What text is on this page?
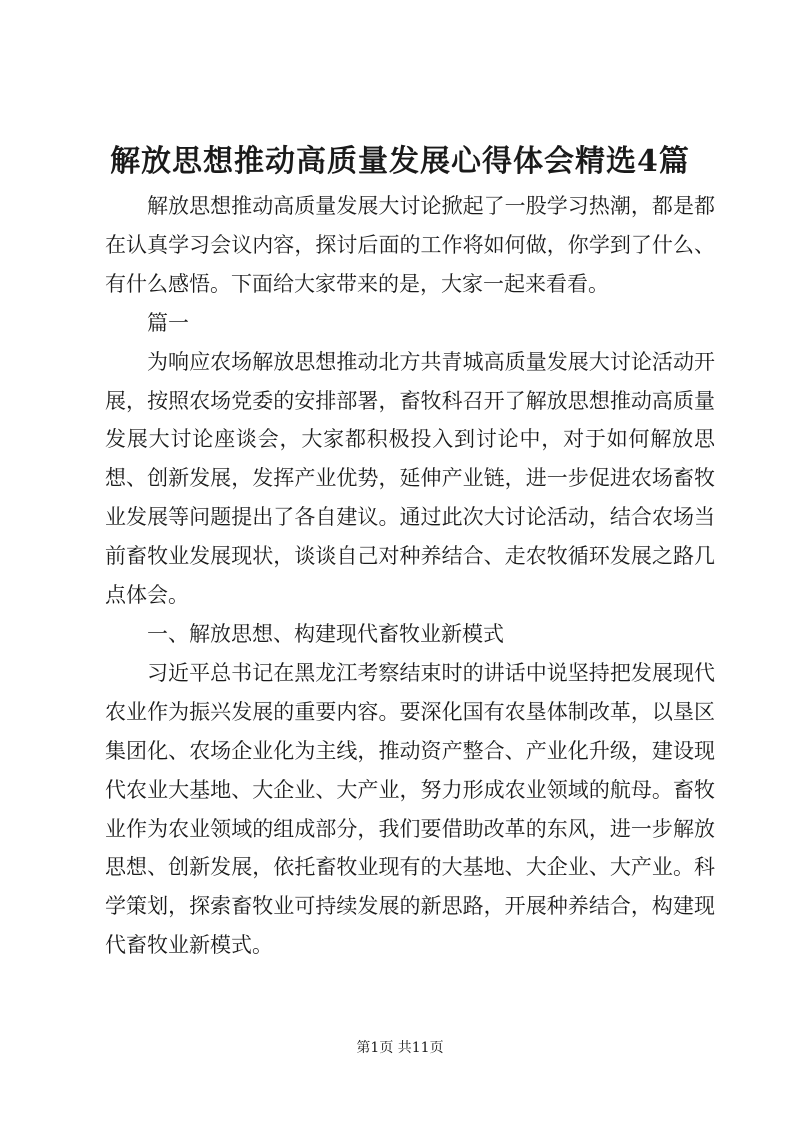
解放思想推动高质量发展心得体会精选4篇

解放思想推动高质量发展大讨论掀起了一股学习热潮，都是都在认真学习会议内容，探讨后面的工作将如何做，你学到了什么、有什么感悟。下面给大家带来的是，大家一起来看看。

篇一

为响应农场解放思想推动北方共青城高质量发展大讨论活动开展，按照农场党委的安排部署，畜牧科召开了解放思想推动高质量发展大讨论座谈会，大家都积极投入到讨论中，对于如何解放思想、创新发展，发挥产业优势，延伸产业链，进一步促进农场畜牧业发展等问题提出了各自建议。通过此次大讨论活动，结合农场当前畜牧业发展现状，谈谈自己对种养结合、走农牧循环发展之路几点体会。

一、解放思想、构建现代畜牧业新模式

习近平总书记在黑龙江考察结束时的讲话中说坚持把发展现代农业作为振兴发展的重要内容。要深化国有农垦体制改革，以垦区集团化、农场企业化为主线，推动资产整合、产业化升级，建设现代农业大基地、大企业、大产业，努力形成农业领域的航母。畜牧业作为农业领域的组成部分，我们要借助改革的东风，进一步解放思想、创新发展，依托畜牧业现有的大基地、大企业、大产业。科学策划，探索畜牧业可持续发展的新思路，开展种养结合，构建现代畜牧业新模式。

第1页 共11页
